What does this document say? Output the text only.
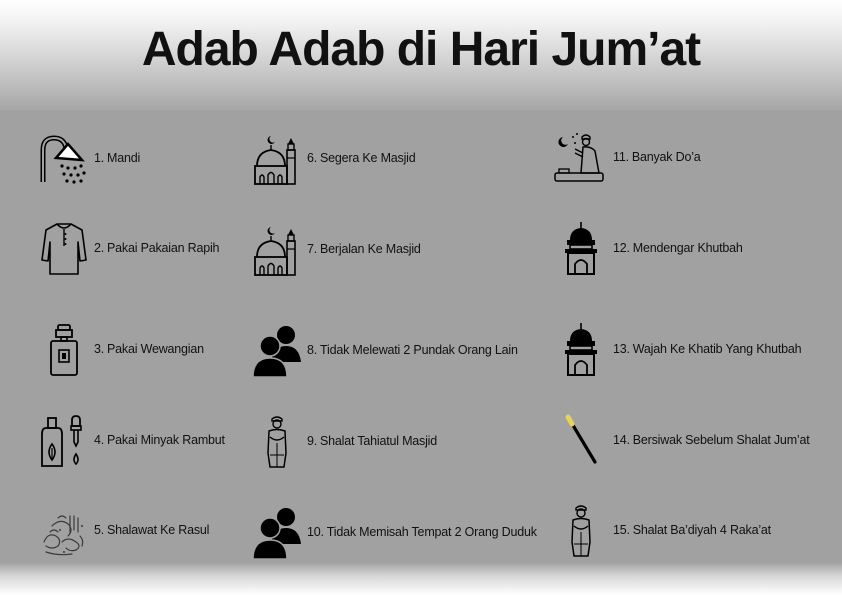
Adab Adab di Hari Jum’at
1. Mandi
2. Pakai Pakaian Rapih
3. Pakai Wewangian
4. Pakai Minyak Rambut
5. Shalawat Ke Rasul
6. Segera Ke Masjid
7. Berjalan Ke Masjid
8. Tidak Melewati 2 Pundak Orang Lain
9. Shalat Tahiatul Masjid
10. Tidak Memisah Tempat 2 Orang Duduk
11. Banyak Do’a
12. Mendengar Khutbah
13. Wajah Ke Khatib Yang Khutbah
14. Bersiwak Sebelum Shalat Jum’at
15. Shalat Ba’diyah 4 Raka’at
